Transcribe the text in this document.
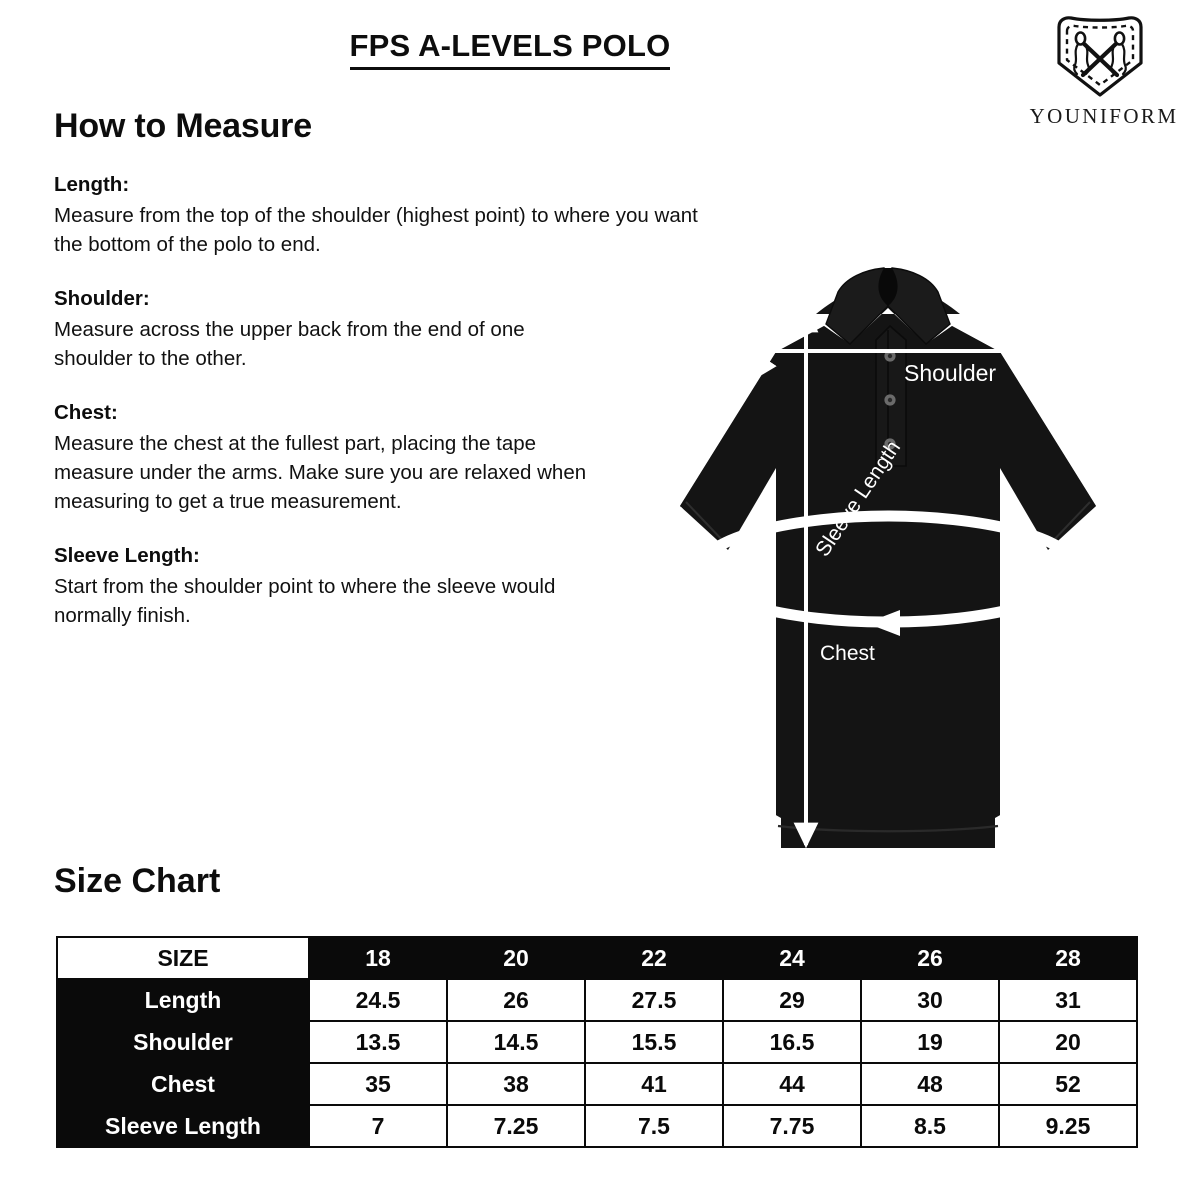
FPS A-LEVELS POLO
YOUNIFORM
How to Measure
Length:
Measure from the top of the shoulder (highest point) to where you want the bottom of the polo to end.
Shoulder:
Measure across the upper back from the end of one shoulder to the other.
Chest:
Measure the chest at the fullest part, placing the tape measure under the arms. Make sure you are relaxed when measuring to get a true measurement.
Sleeve Length:
Start from the shoulder point to where the sleeve would normally finish.
Shoulder
Sleeve Length
Chest
Length
Size Chart
SIZE	18	20	22	24	26	28
Length	24.5	26	27.5	29	30	31
Shoulder	13.5	14.5	15.5	16.5	19	20
Chest	35	38	41	44	48	52
Sleeve Length	7	7.25	7.5	7.75	8.5	9.25
